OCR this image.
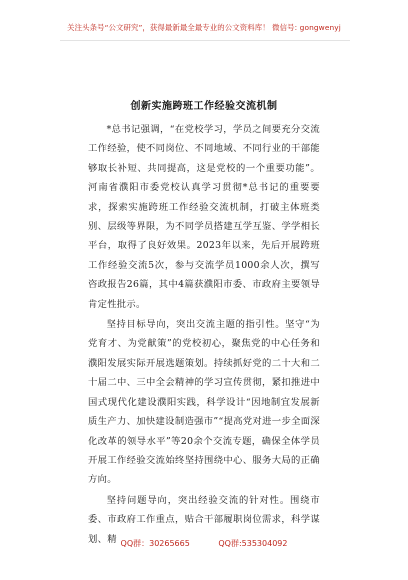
关注头条号“公文研究”，获得最新最全最专业的公文资料库！ 微信号: gongwenyj
创新实施跨班工作经验交流机制

*总书记强调，“在党校学习，学员之间要充分交流工作经验，使不同岗位、不同地域、不同行业的干部能够取长补短、共同提高，这是党校的一个重要功能”。河南省濮阳市委党校认真学习贯彻*总书记的重要要求，探索实施跨班工作经验交流机制，打破主体班类别、层级等界限，为不同学员搭建互学互鉴、学学相长平台，取得了良好效果。2023年以来，先后开展跨班工作经验交流5次，参与交流学员1000余人次，撰写咨政报告26篇，其中4篇获濮阳市委、市政府主要领导肯定性批示。

坚持目标导向，突出交流主题的指引性。坚守“为党育才、为党献策”的党校初心，聚焦党的中心任务和濮阳发展实际开展选题策划。持续抓好党的二十大和二十届二中、三中全会精神的学习宣传贯彻，紧扣推进中国式现代化建设濮阳实践，科学设计“因地制宜发展新质生产力、加快建设制造强市”“提高党对进一步全面深化改革的领导水平”等20余个交流专题，确保全体学员开展工作经验交流始终坚持围绕中心、服务大局的正确方向。

坚持问题导向，突出经验交流的针对性。围绕市委、市政府工作重点，贴合干部履职岗位需求，科学谋划、精 QQ群：30265665	QQ群:535304092
